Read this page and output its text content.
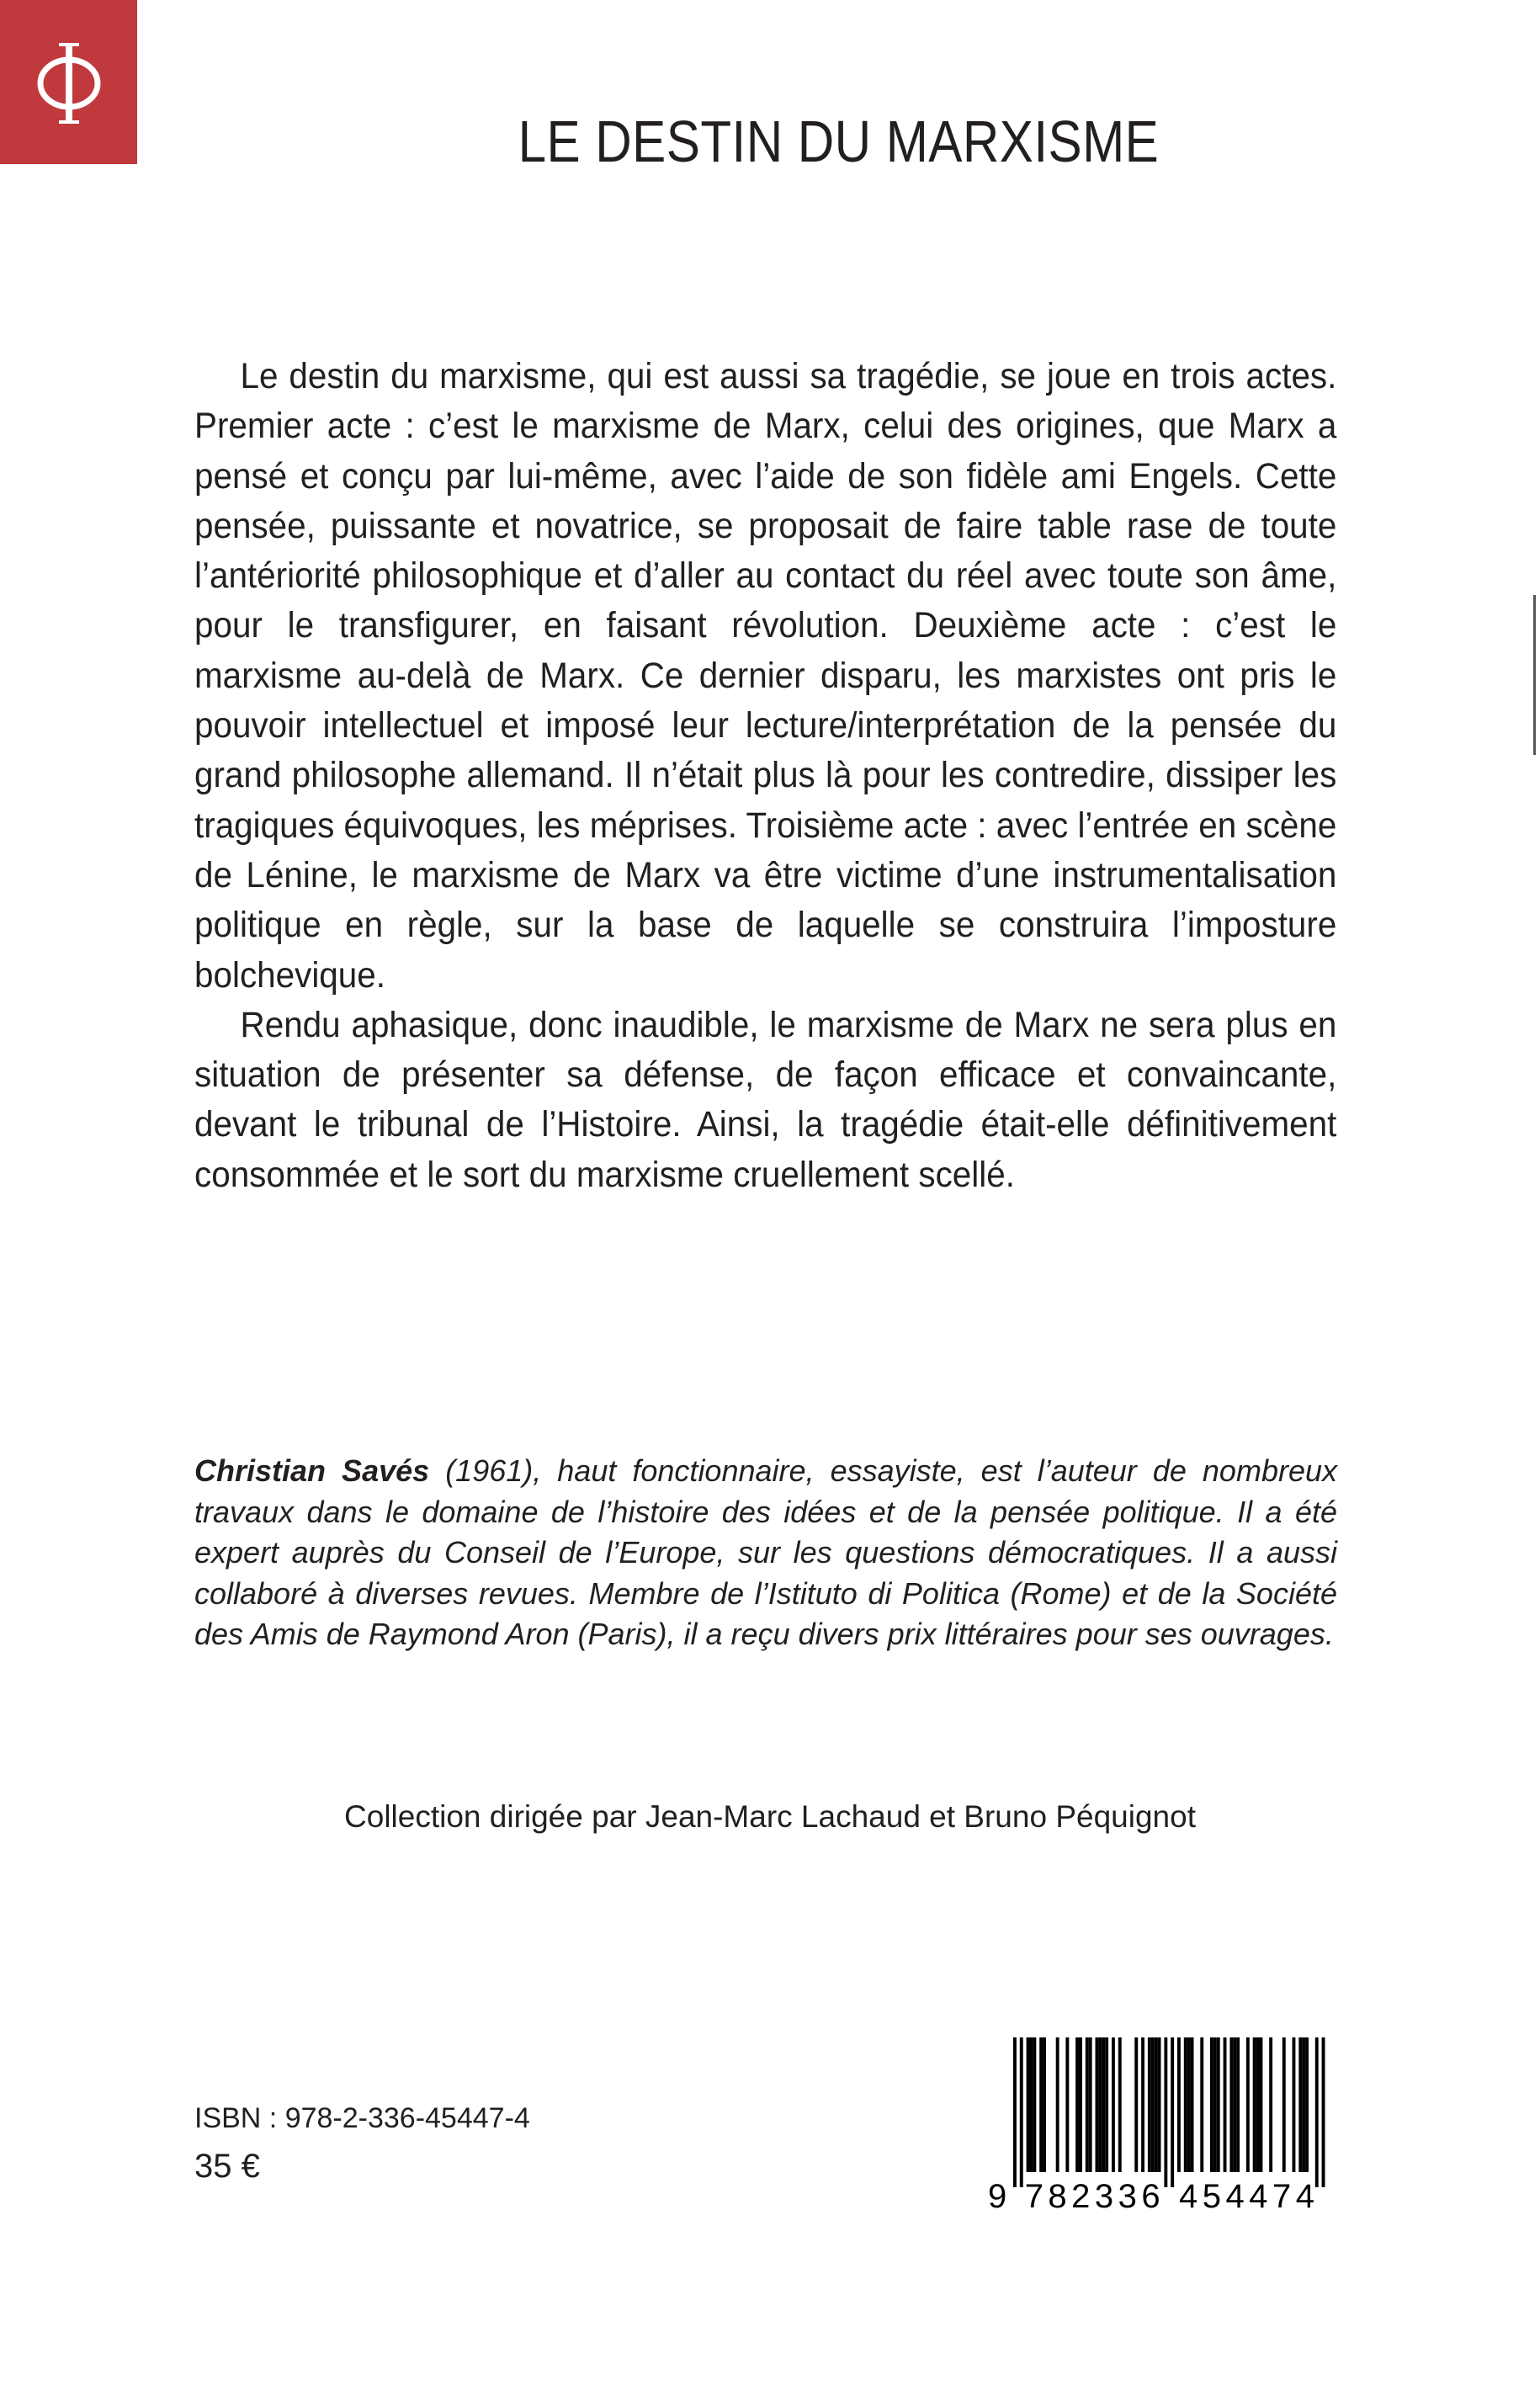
LE DESTIN DU MARXISME

Le destin du marxisme, qui est aussi sa tragédie, se joue en trois actes. Premier acte : c’est le marxisme de Marx, celui des origines, que Marx a pensé et conçu par lui-même, avec l’aide de son fidèle ami Engels. Cette pensée, puissante et novatrice, se proposait de faire table rase de toute l’antériorité philosophique et d’aller au contact du réel avec toute son âme, pour le transfigurer, en faisant révolution. Deuxième acte : c’est le marxisme au-delà de Marx. Ce dernier disparu, les marxistes ont pris le pouvoir intellectuel et imposé leur lecture/interprétation de la pensée du grand philosophe allemand. Il n’était plus là pour les contredire, dissiper les tragiques équivoques, les méprises. Troisième acte : avec l’entrée en scène de Lénine, le marxisme de Marx va être victime d’une instrumentalisation politique en règle, sur la base de laquelle se construira l’imposture bolchevique.

Rendu aphasique, donc inaudible, le marxisme de Marx ne sera plus en situation de présenter sa défense, de façon efficace et convaincante, devant le tribunal de l’Histoire. Ainsi, la tragédie était-elle définitivement consommée et le sort du marxisme cruellement scellé.

Christian Savés (1961), haut fonctionnaire, essayiste, est l’auteur de nombreux travaux dans le domaine de l’histoire des idées et de la pensée politique. Il a été expert auprès du Conseil de l’Europe, sur les questions démocratiques. Il a aussi collaboré à diverses revues. Membre de l’Istituto di Politica (Rome) et de la Société des Amis de Raymond Aron (Paris), il a reçu divers prix littéraires pour ses ouvrages.
Collection dirigée par Jean-Marc Lachaud et Bruno Péquignot
ISBN : 978-2-336-45447-4
35 €
9 782336 454474
